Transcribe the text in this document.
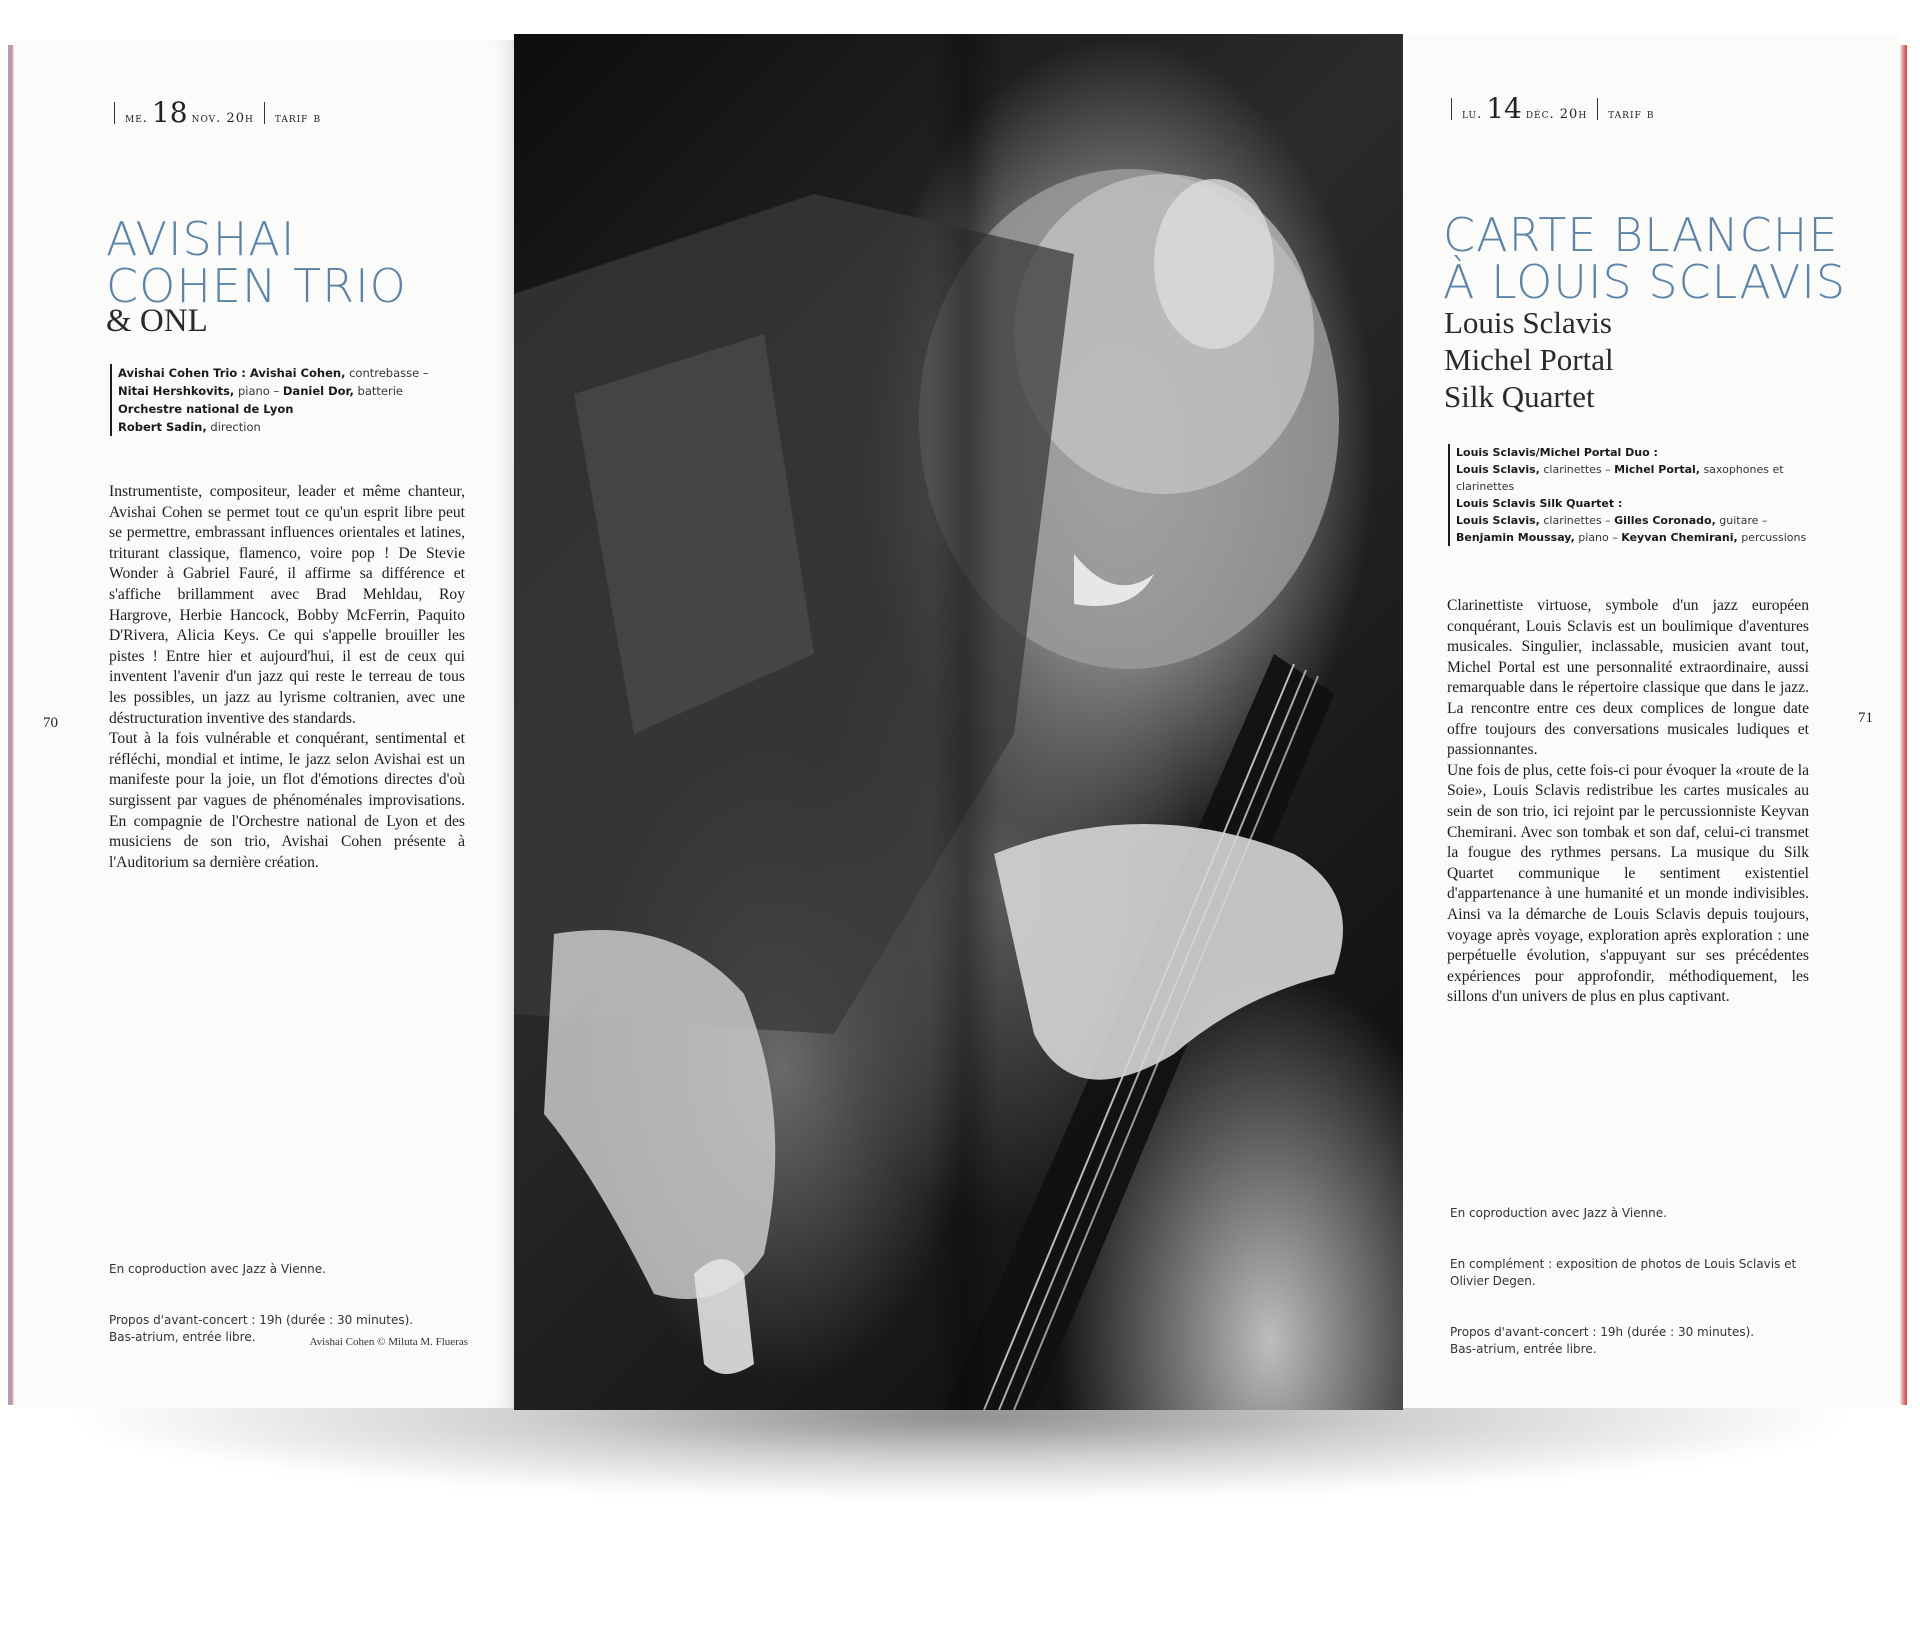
me. 18 nov. 20h tarif b
AVISHAI
COHEN TRIO
& ONL
Avishai Cohen Trio : Avishai Cohen, contrebasse –
Nitai Hershkovits, piano – Daniel Dor, batterie
Orchestre national de Lyon
Robert Sadin, direction

Instrumentiste, compositeur, leader et même chanteur, Avishai Cohen se permet tout ce qu'un esprit libre peut se permettre, embrassant influences orientales et latines, triturant classique, flamenco, voire pop ! De Stevie Wonder à Gabriel Fauré, il affirme sa différence et s'affiche brillamment avec Brad Mehldau, Roy Hargrove, Herbie Hancock, Bobby McFerrin, Paquito D'Rivera, Alicia Keys. Ce qui s'appelle brouiller les pistes ! Entre hier et aujourd'hui, il est de ceux qui inventent l'avenir d'un jazz qui reste le terreau de tous les possibles, un jazz au lyrisme coltranien, avec une déstructuration inventive des standards.

Tout à la fois vulnérable et conquérant, sentimental et réfléchi, mondial et intime, le jazz selon Avishai est un manifeste pour la joie, un flot d'émotions directes d'où surgissent par vagues de phénoménales improvisations. En compagnie de l'Orchestre national de Lyon et des musiciens de son trio, Avishai Cohen présente à l'Auditorium sa dernière création.

70

En coproduction avec Jazz à Vienne.

Propos d'avant-concert : 19h (durée : 30 minutes).
Bas-atrium, entrée libre.	Avishai Cohen © Miluta M. Flueras
lu. 14 déc. 20h tarif b
CARTE BLANCHE
À LOUIS SCLAVIS
Louis Sclavis
Michel Portal
Silk Quartet
Louis Sclavis/Michel Portal Duo :
Louis Sclavis, clarinettes – Michel Portal, saxophones et
clarinettes
Louis Sclavis Silk Quartet :
Louis Sclavis, clarinettes – Gilles Coronado, guitare –
Benjamin Moussay, piano – Keyvan Chemirani, percussions

Clarinettiste virtuose, symbole d'un jazz européen conquérant, Louis Sclavis est un boulimique d'aventures musicales. Singulier, inclassable, musicien avant tout, Michel Portal est une personnalité extraordinaire, aussi remarquable dans le répertoire classique que dans le jazz. La rencontre entre ces deux complices de longue date offre toujours des conversations musicales ludiques et passionnantes.

Une fois de plus, cette fois-ci pour évoquer la «route de la Soie», Louis Sclavis redistribue les cartes musicales au sein de son trio, ici rejoint par le percussionniste Keyvan Chemirani. Avec son tombak et son daf, celui-ci transmet la fougue des rythmes persans. La musique du Silk Quartet communique le sentiment existentiel d'appartenance à une humanité et un monde indivisibles. Ainsi va la démarche de Louis Sclavis depuis toujours, voyage après voyage, exploration après exploration : une perpétuelle évolution, s'appuyant sur ses précédentes expériences pour approfondir, méthodiquement, les sillons d'un univers de plus en plus captivant.

71

En coproduction avec Jazz à Vienne.

En complément : exposition de photos de Louis Sclavis et
Olivier Degen.

Propos d'avant-concert : 19h (durée : 30 minutes).
Bas-atrium, entrée libre.
